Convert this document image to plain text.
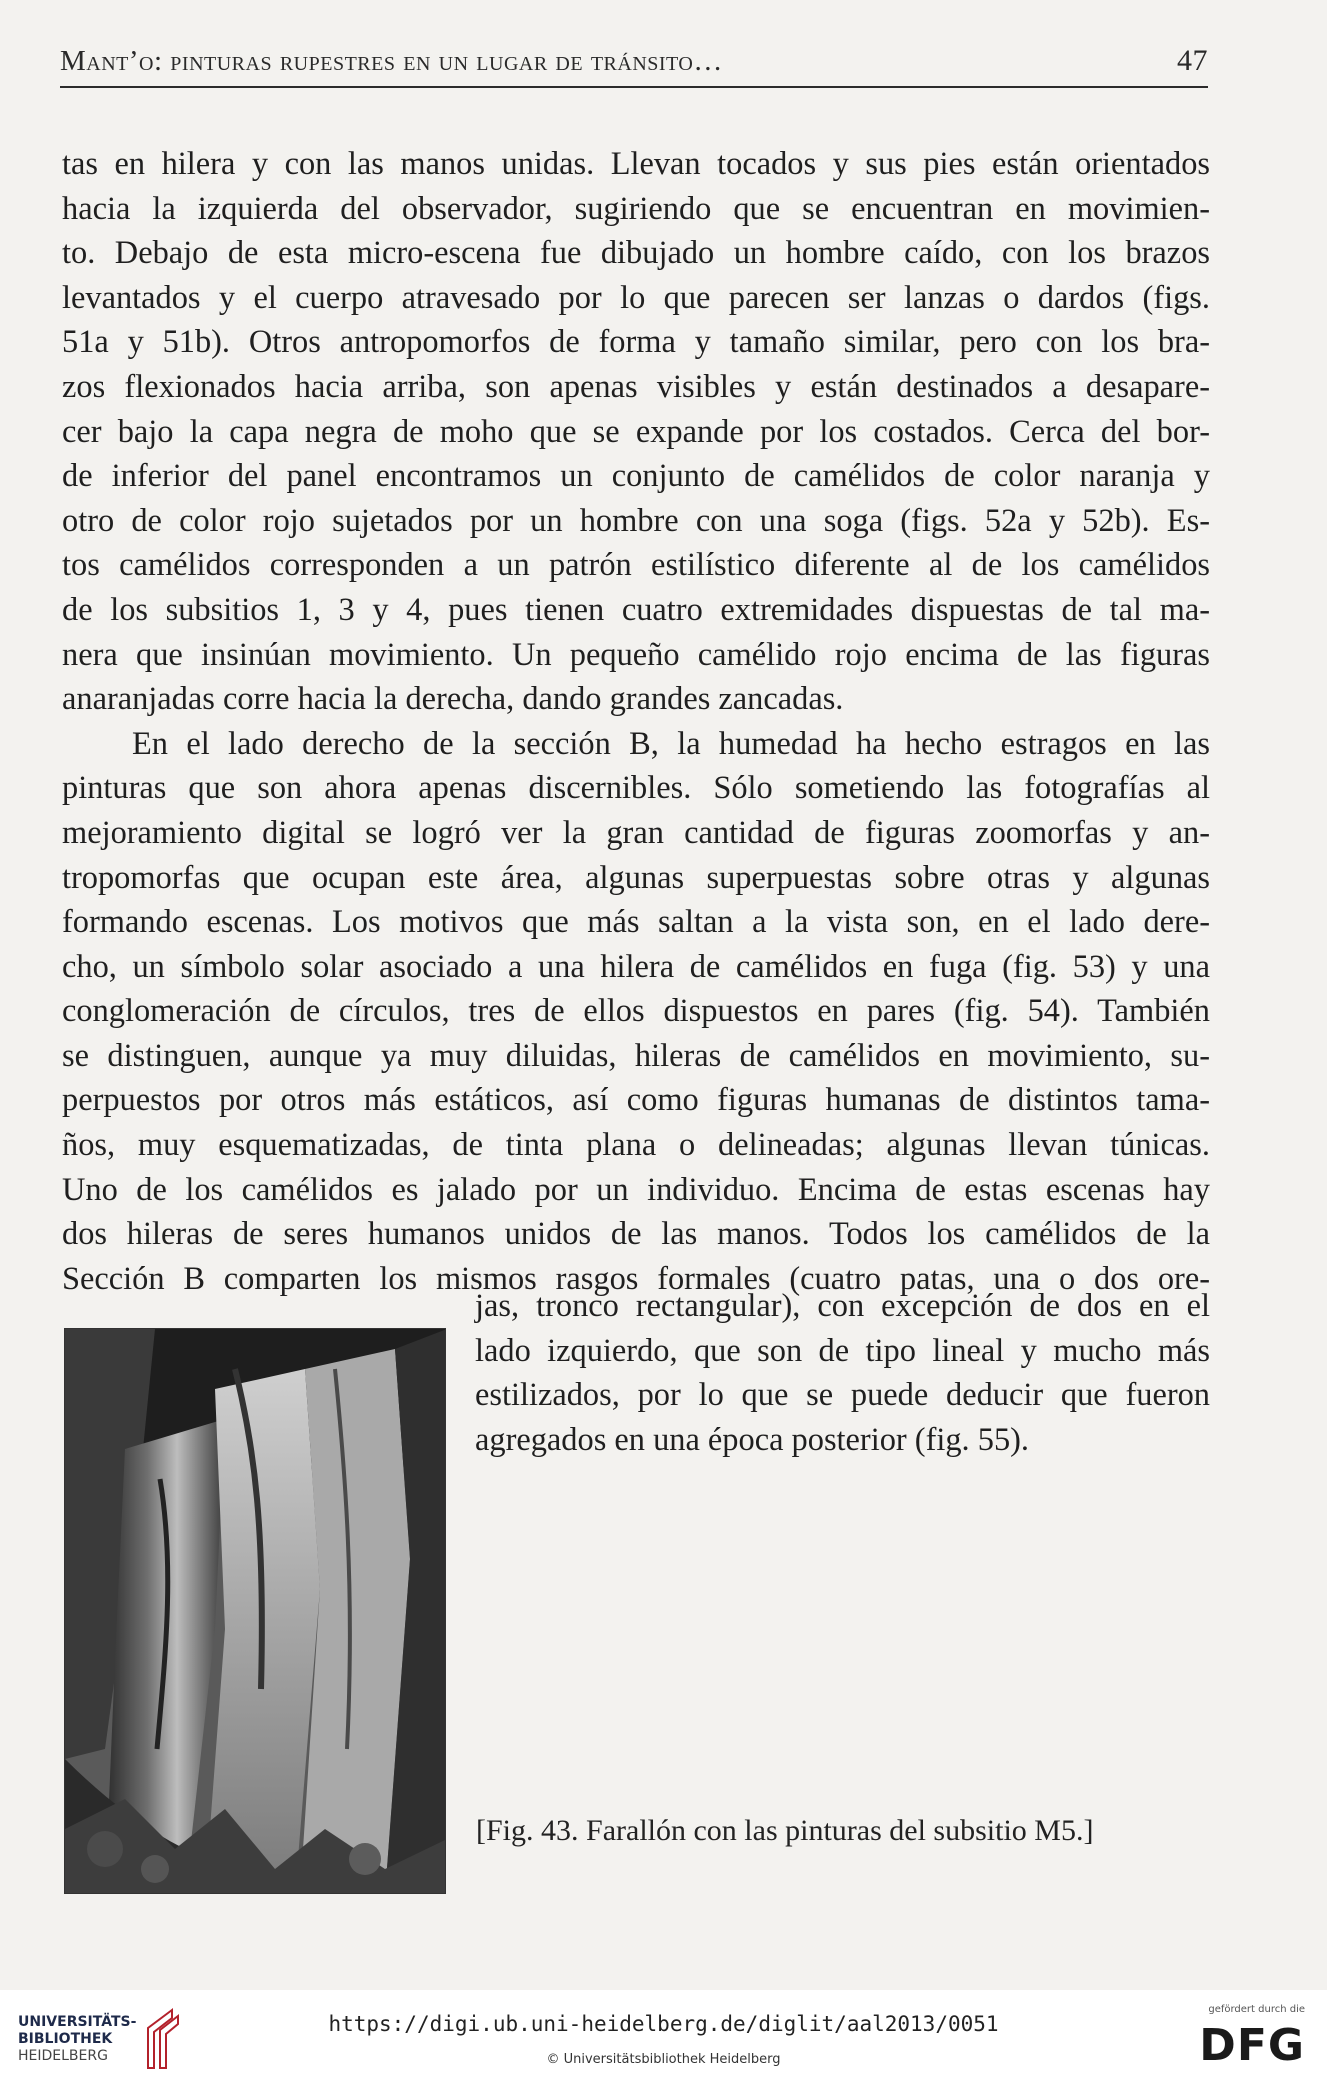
Mant’o: pinturas rupestres en un lugar de tránsito…	47
tas en hilera y con las manos unidas. Llevan tocados y sus pies están orientados
hacia la izquierda del observador, sugiriendo que se encuentran en movimien-
to. Debajo de esta micro-escena fue dibujado un hombre caído, con los brazos
levantados y el cuerpo atravesado por lo que parecen ser lanzas o dardos (figs.
51a y 51b). Otros antropomorfos de forma y tamaño similar, pero con los bra-
zos flexionados hacia arriba, son apenas visibles y están destinados a desapare-
cer bajo la capa negra de moho que se expande por los costados. Cerca del bor-
de inferior del panel encontramos un conjunto de camélidos de color naranja y
otro de color rojo sujetados por un hombre con una soga (figs. 52a y 52b). Es-
tos camélidos corresponden a un patrón estilístico diferente al de los camélidos
de los subsitios 1, 3 y 4, pues tienen cuatro extremidades dispuestas de tal ma-
nera que insinúan movimiento. Un pequeño camélido rojo encima de las figuras
anaranjadas corre hacia la derecha, dando grandes zancadas.
En el lado derecho de la sección B, la humedad ha hecho estragos en las
pinturas que son ahora apenas discernibles. Sólo sometiendo las fotografías al
mejoramiento digital se logró ver la gran cantidad de figuras zoomorfas y an-
tropomorfas que ocupan este área, algunas superpuestas sobre otras y algunas
formando escenas. Los motivos que más saltan a la vista son, en el lado dere-
cho, un símbolo solar asociado a una hilera de camélidos en fuga (fig. 53) y una
conglomeración de círculos, tres de ellos dispuestos en pares (fig. 54). También
se distinguen, aunque ya muy diluidas, hileras de camélidos en movimiento, su-
perpuestos por otros más estáticos, así como figuras humanas de distintos tama-
ños, muy esquematizadas, de tinta plana o delineadas; algunas llevan túnicas.
Uno de los camélidos es jalado por un individuo. Encima de estas escenas hay
dos hileras de seres humanos unidos de las manos. Todos los camélidos de la
Sección B comparten los mismos rasgos formales (cuatro patas, una o dos ore-
jas, tronco rectangular), con excepción de dos en el
lado izquierdo, que son de tipo lineal y mucho más
estilizados, por lo que se puede deducir que fueron
agregados en una época posterior (fig. 55).
[Fig. 43. Farallón con las pinturas del subsitio M5.]
UNIVERSITÄTS-
BIBLIOTHEK
HEIDELBERG
https://digi.ub.uni-heidelberg.de/diglit/aal2013/0051
© Universitätsbibliothek Heidelberg
gefördert durch die
DFG
